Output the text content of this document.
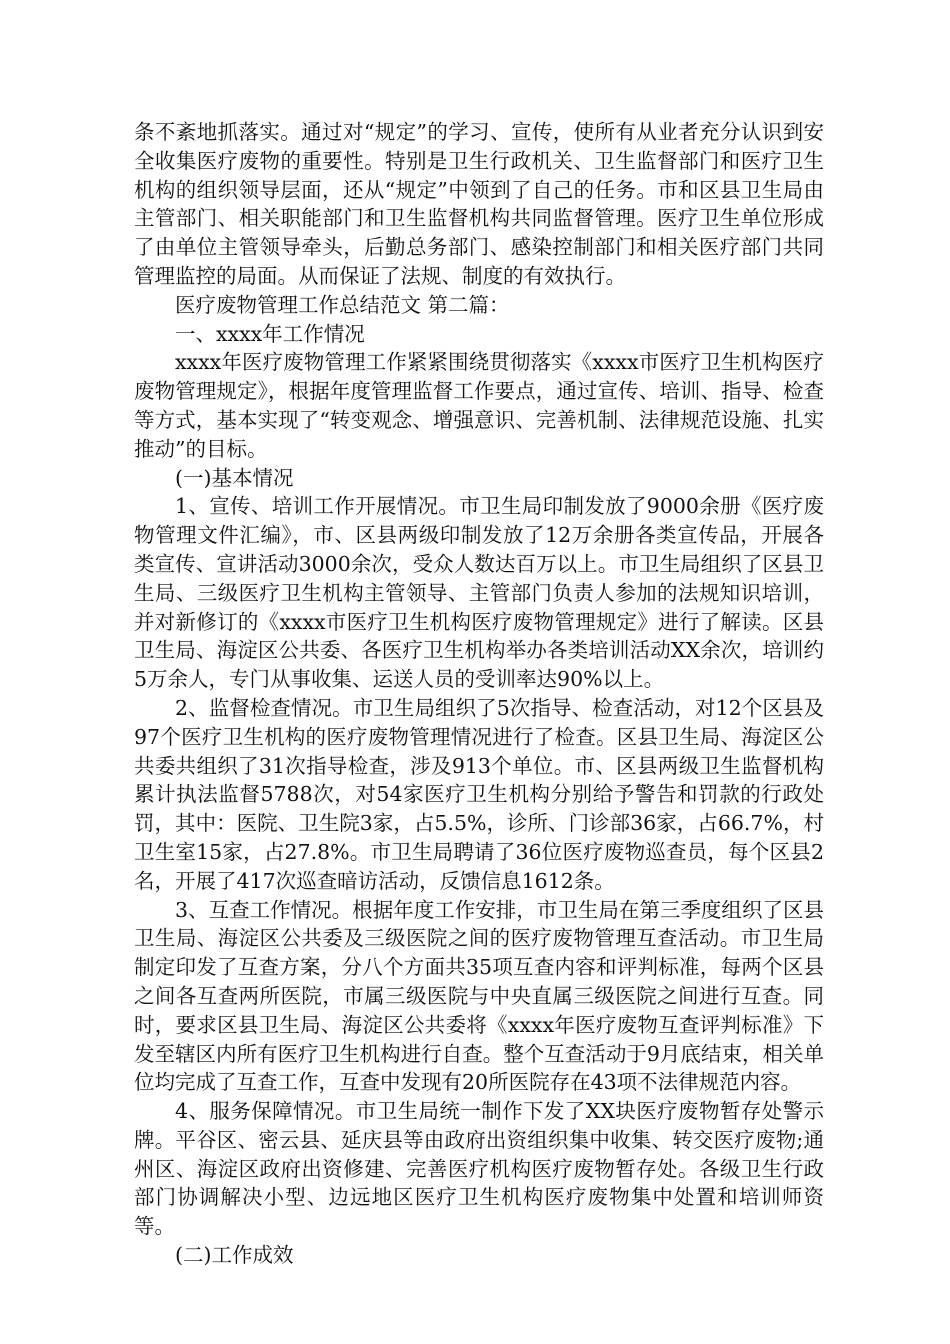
条不紊地抓落实。通过对“规定”的学习、宣传，使所有从业者充分认识到安全收集医疗废物的重要性。特别是卫生行政机关、卫生监督部门和医疗卫生机构的组织领导层面，还从“规定”中领到了自己的任务。市和区县卫生局由主管部门、相关职能部门和卫生监督机构共同监督管理。医疗卫生单位形成了由单位主管领导牵头，后勤总务部门、感染控制部门和相关医疗部门共同管理监控的局面。从而保证了法规、制度的有效执行。

医疗废物管理工作总结范文 第二篇：

一、xxxx年工作情况

xxxx年医疗废物管理工作紧紧围绕贯彻落实《xxxx市医疗卫生机构医疗废物管理规定》，根据年度管理监督工作要点，通过宣传、培训、指导、检查等方式，基本实现了“转变观念、增强意识、完善机制、法律规范设施、扎实推动”的目标。

(一)基本情况

1、宣传、培训工作开展情况。市卫生局印制发放了9000余册《医疗废物管理文件汇编》，市、区县两级印制发放了12万余册各类宣传品，开展各类宣传、宣讲活动3000余次，受众人数达百万以上。市卫生局组织了区县卫生局、三级医疗卫生机构主管领导、主管部门负责人参加的法规知识培训，并对新修订的《xxxx市医疗卫生机构医疗废物管理规定》进行了解读。区县卫生局、海淀区公共委、各医疗卫生机构举办各类培训活动XX余次，培训约5万余人，专门从事收集、运送人员的受训率达90%以上。

2、监督检查情况。市卫生局组织了5次指导、检查活动，对12个区县及97个医疗卫生机构的医疗废物管理情况进行了检查。区县卫生局、海淀区公共委共组织了31次指导检查，涉及913个单位。市、区县两级卫生监督机构累计执法监督5788次，对54家医疗卫生机构分别给予警告和罚款的行政处罚，其中：医院、卫生院3家，占5.5%，诊所、门诊部36家，占66.7%，村卫生室15家，占27.8%。市卫生局聘请了36位医疗废物巡查员，每个区县2名，开展了417次巡查暗访活动，反馈信息1612条。

3、互查工作情况。根据年度工作安排，市卫生局在第三季度组织了区县卫生局、海淀区公共委及三级医院之间的医疗废物管理互查活动。市卫生局制定印发了互查方案，分八个方面共35项互查内容和评判标准，每两个区县之间各互查两所医院，市属三级医院与中央直属三级医院之间进行互查。同时，要求区县卫生局、海淀区公共委将《xxxx年医疗废物互查评判标准》下发至辖区内所有医疗卫生机构进行自查。整个互查活动于9月底结束，相关单位均完成了互查工作，互查中发现有20所医院存在43项不法律规范内容。

4、服务保障情况。市卫生局统一制作下发了XX块医疗废物暂存处警示牌。平谷区、密云县、延庆县等由政府出资组织集中收集、转交医疗废物;通州区、海淀区政府出资修建、完善医疗机构医疗废物暂存处。各级卫生行政部门协调解决小型、边远地区医疗卫生机构医疗废物集中处置和培训师资等。

(二)工作成效
